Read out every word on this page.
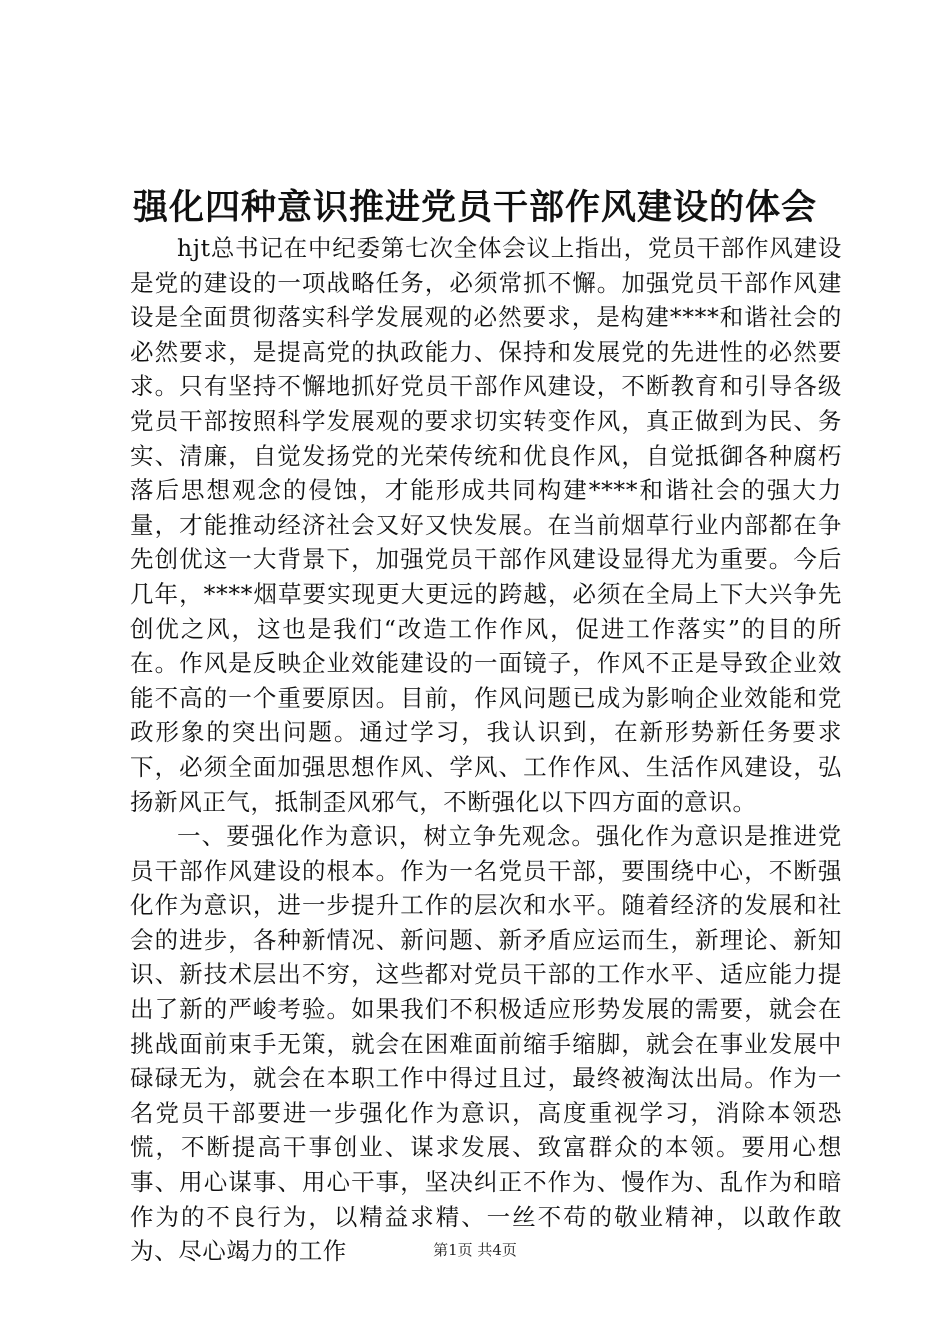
强化四种意识推进党员干部作风建设的体会

hjt总书记在中纪委第七次全体会议上指出，党员干部作风建设是党的建设的一项战略任务，必须常抓不懈。加强党员干部作风建设是全面贯彻落实科学发展观的必然要求，是构建****和谐社会的必然要求，是提高党的执政能力、保持和发展党的先进性的必然要求。只有坚持不懈地抓好党员干部作风建设，不断教育和引导各级党员干部按照科学发展观的要求切实转变作风，真正做到为民、务实、清廉，自觉发扬党的光荣传统和优良作风，自觉抵御各种腐朽落后思想观念的侵蚀，才能形成共同构建****和谐社会的强大力量，才能推动经济社会又好又快发展。在当前烟草行业内部都在争先创优这一大背景下，加强党员干部作风建设显得尤为重要。今后几年，****烟草要实现更大更远的跨越，必须在全局上下大兴争先创优之风，这也是我们“改造工作作风，促进工作落实”的目的所在。作风是反映企业效能建设的一面镜子，作风不正是导致企业效能不高的一个重要原因。目前，作风问题已成为影响企业效能和党政形象的突出问题。通过学习，我认识到，在新形势新任务要求下，必须全面加强思想作风、学风、工作作风、生活作风建设，弘扬新风正气，抵制歪风邪气，不断强化以下四方面的意识。

一、要强化作为意识，树立争先观念。强化作为意识是推进党员干部作风建设的根本。作为一名党员干部，要围绕中心，不断强化作为意识，进一步提升工作的层次和水平。随着经济的发展和社会的进步，各种新情况、新问题、新矛盾应运而生，新理论、新知识、新技术层出不穷，这些都对党员干部的工作水平、适应能力提出了新的严峻考验。如果我们不积极适应形势发展的需要，就会在挑战面前束手无策，就会在困难面前缩手缩脚，就会在事业发展中碌碌无为，就会在本职工作中得过且过，最终被淘汰出局。作为一名党员干部要进一步强化作为意识，高度重视学习，消除本领恐慌，不断提高干事创业、谋求发展、致富群众的本领。要用心想事、用心谋事、用心干事，坚决纠正不作为、慢作为、乱作为和暗作为的不良行为，以精益求精、一丝不苟的敬业精神，以敢作敢为、尽心竭力的工作	第1页 共4页
